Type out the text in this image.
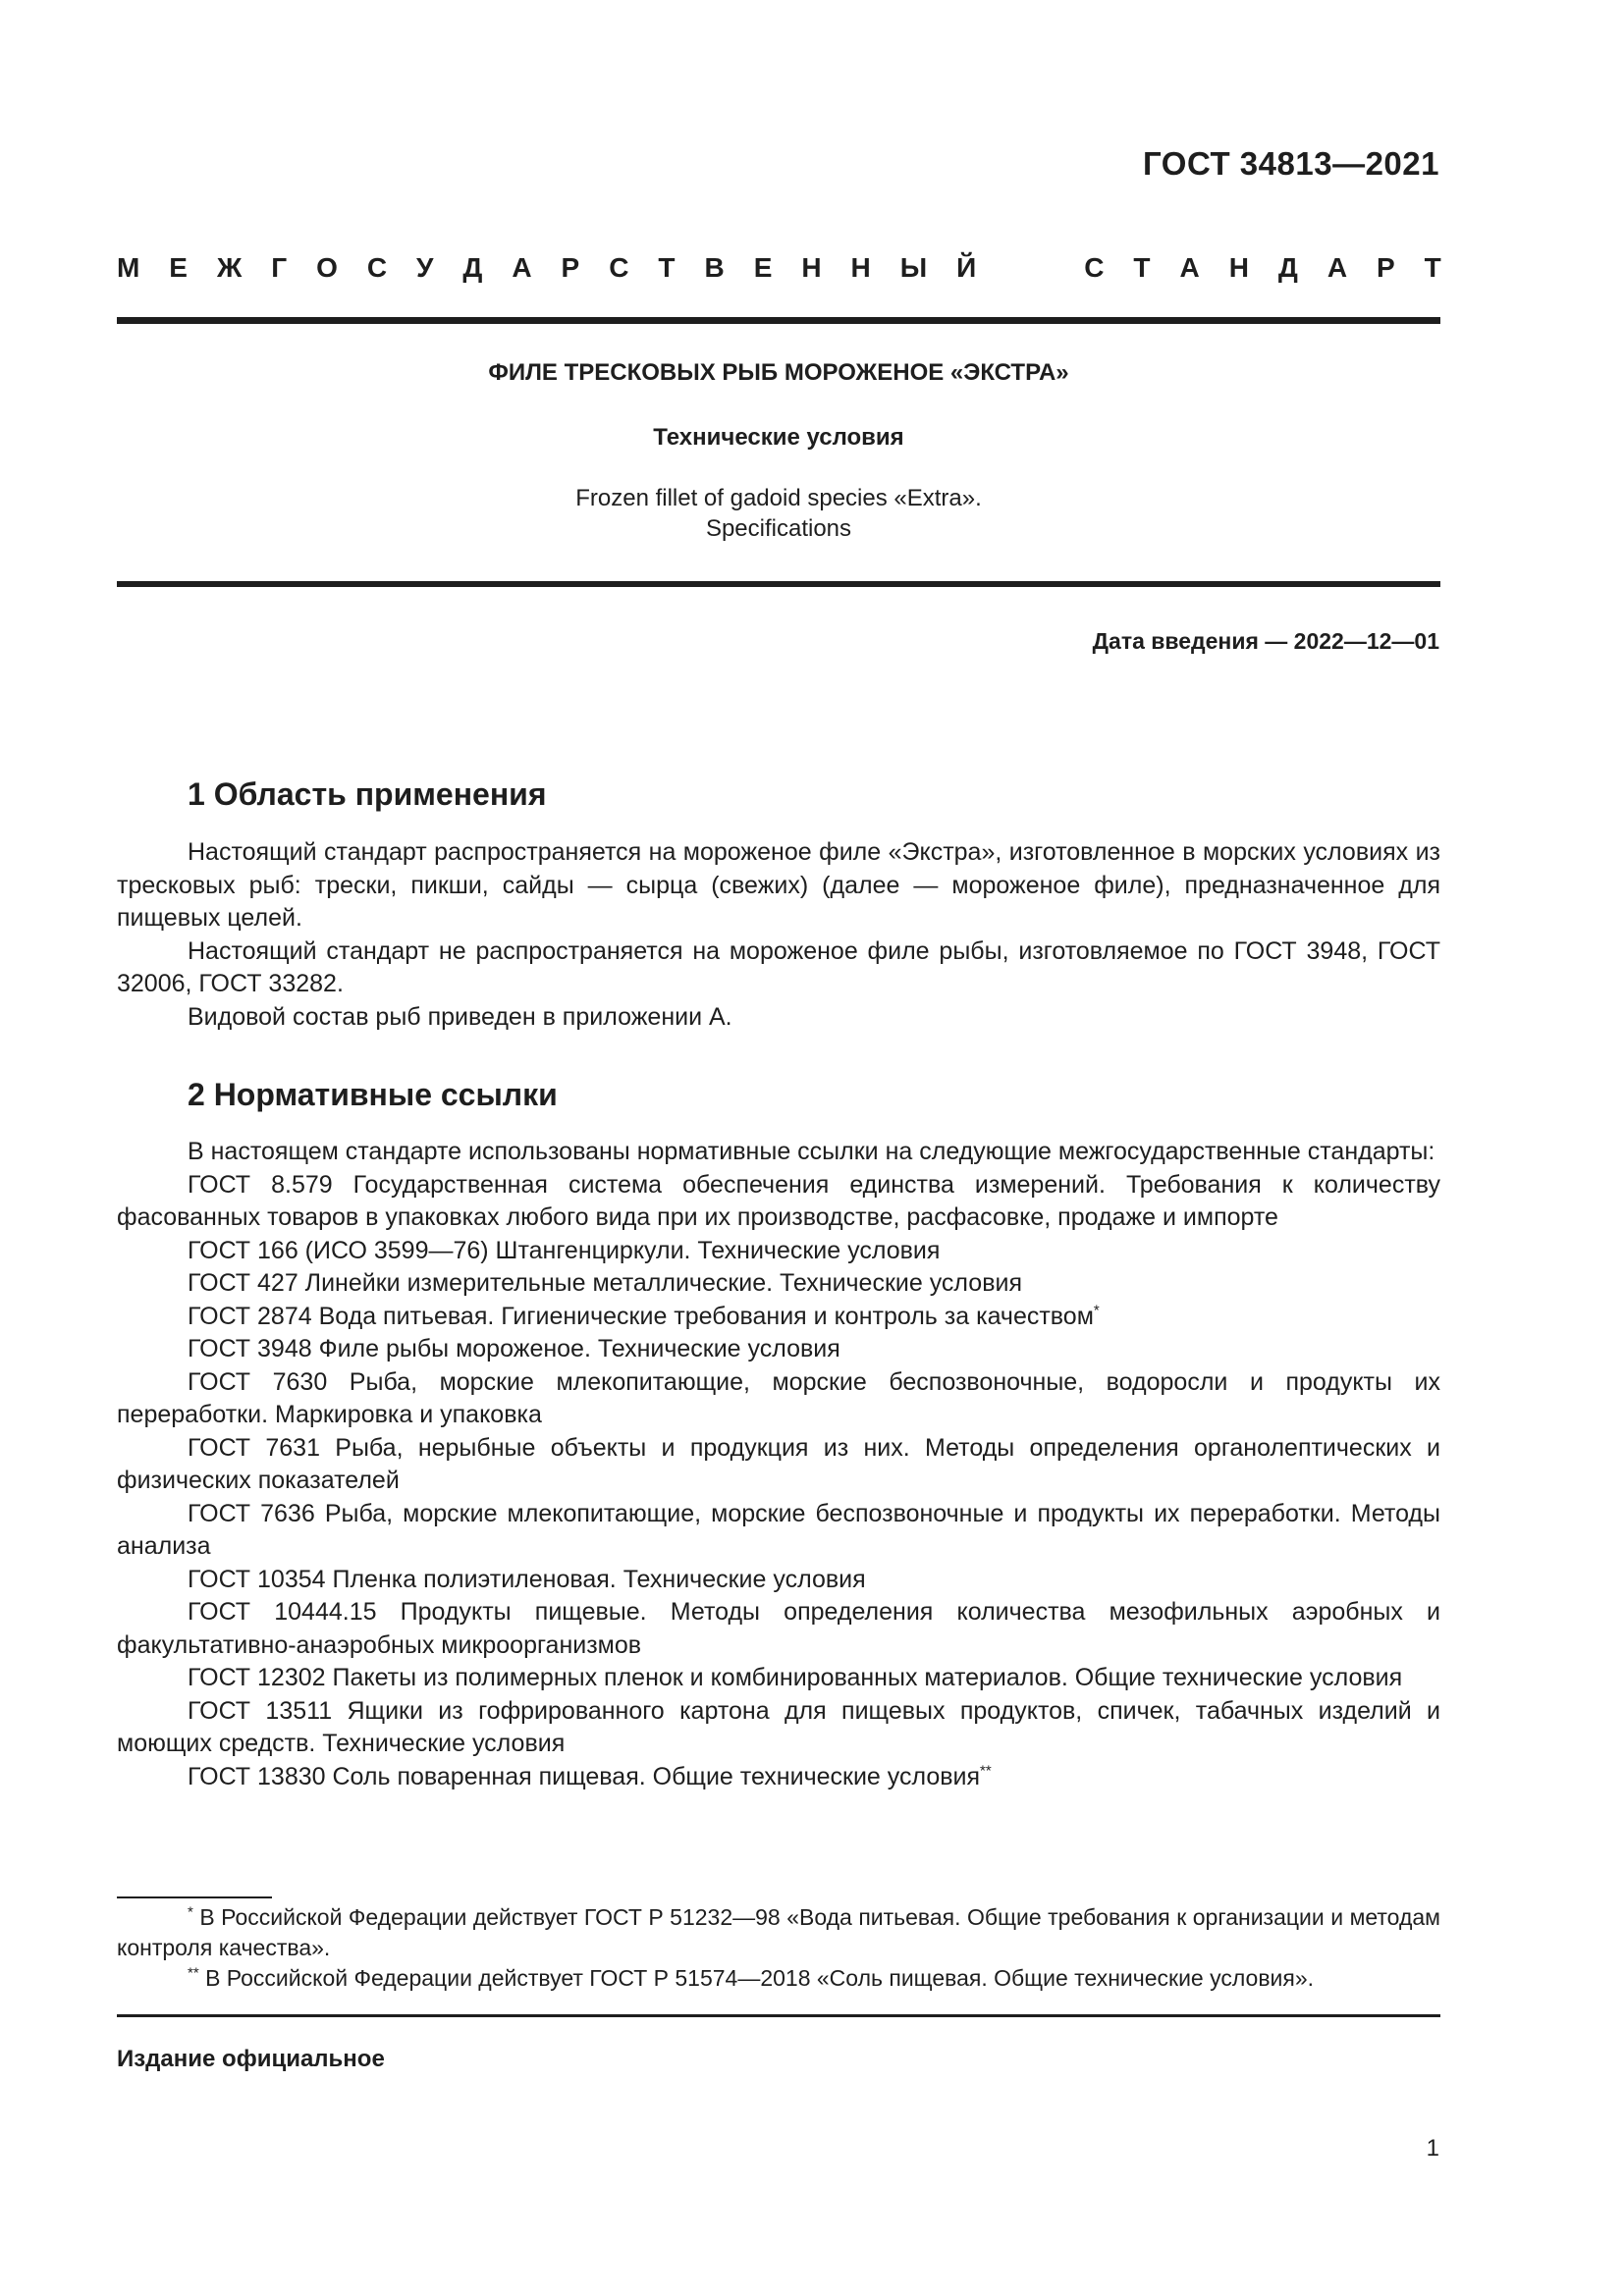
ГОСТ 34813—2021
М Е Ж Г О С У Д А Р С Т В Е Н Н Ы Й	С Т А Н Д А Р Т
ФИЛЕ ТРЕСКОВЫХ РЫБ МОРОЖЕНОЕ «ЭКСТРА»
Технические условия
Frozen fillet of gadoid species «Extra».
Specifications
Дата введения — 2022—12—01
1 Область применения

Настоящий стандарт распространяется на мороженое филе «Экстра», изготовленное в морских условиях из тресковых рыб: трески, пикши, сайды — сырца (свежих) (далее — мороженое филе), предназначенное для пищевых целей.

Настоящий стандарт не распространяется на мороженое филе рыбы, изготовляемое по ГОСТ 3948, ГОСТ 32006, ГОСТ 33282.

Видовой состав рыб приведен в приложении А.

2 Нормативные ссылки

В настоящем стандарте использованы нормативные ссылки на следующие межгосударственные стандарты:

ГОСТ 8.579 Государственная система обеспечения единства измерений. Требования к количеству фасованных товаров в упаковках любого вида при их производстве, расфасовке, продаже и импорте

ГОСТ 166 (ИСО 3599—76) Штангенциркули. Технические условия

ГОСТ 427 Линейки измерительные металлические. Технические условия

ГОСТ 2874 Вода питьевая. Гигиенические требования и контроль за качеством*

ГОСТ 3948 Филе рыбы мороженое. Технические условия

ГОСТ 7630 Рыба, морские млекопитающие, морские беспозвоночные, водоросли и продукты их переработки. Маркировка и упаковка

ГОСТ 7631 Рыба, нерыбные объекты и продукция из них. Методы определения органолептических и физических показателей

ГОСТ 7636 Рыба, морские млекопитающие, морские беспозвоночные и продукты их переработки. Методы анализа

ГОСТ 10354 Пленка полиэтиленовая. Технические условия

ГОСТ 10444.15 Продукты пищевые. Методы определения количества мезофильных аэробных и факультативно-анаэробных микроорганизмов

ГОСТ 12302 Пакеты из полимерных пленок и комбинированных материалов. Общие технические условия

ГОСТ 13511 Ящики из гофрированного картона для пищевых продуктов, спичек, табачных изделий и моющих средств. Технические условия

ГОСТ 13830 Соль поваренная пищевая. Общие технические условия**

* В Российской Федерации действует ГОСТ Р 51232—98 «Вода питьевая. Общие требования к организации и методам контроля качества».

** В Российской Федерации действует ГОСТ Р 51574—2018 «Соль пищевая. Общие технические условия».

Издание официальное
1
